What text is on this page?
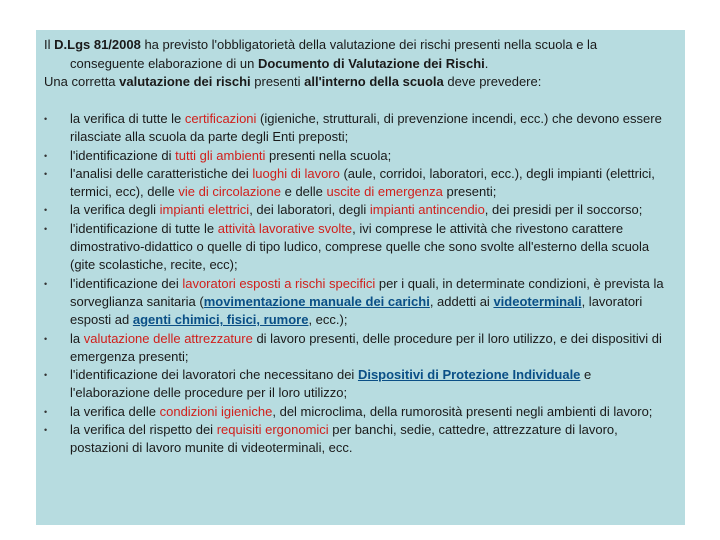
Il D.Lgs 81/2008 ha previsto l'obbligatorietà della valutazione dei rischi presenti nella scuola e la

conseguente elaborazione di un Documento di Valutazione dei Rischi.

Una corretta valutazione dei rischi presenti all'interno della scuola deve prevedere:

•	la verifica di tutte le certificazioni (igieniche, strutturali, di prevenzione incendi, ecc.) che devono essere rilasciate alla scuola da parte degli Enti preposti;
•	l'identificazione di tutti gli ambienti presenti nella scuola;
•	l'analisi delle caratteristiche dei luoghi di lavoro (aule, corridoi, laboratori, ecc.), degli impianti (elettrici, termici, ecc), delle vie di circolazione e delle uscite di emergenza presenti;
•	la verifica degli impianti elettrici, dei laboratori, degli impianti antincendio, dei presidi per il soccorso;
•	l'identificazione di tutte le attività lavorative svolte, ivi comprese le attività che rivestono carattere dimostrativo-didattico o quelle di tipo ludico, comprese quelle che sono svolte all'esterno della scuola (gite scolastiche, recite, ecc);
•	l'identificazione dei lavoratori esposti a rischi specifici per i quali, in determinate condizioni, è prevista la sorveglianza sanitaria (movimentazione manuale dei carichi, addetti ai videoterminali, lavoratori esposti ad agenti chimici, fisici, rumore, ecc.);
•	la valutazione delle attrezzature di lavoro presenti, delle procedure per il loro utilizzo, e dei dispositivi di emergenza presenti;
•	l'identificazione dei lavoratori che necessitano dei Dispositivi di Protezione Individuale e l'elaborazione delle procedure per il loro utilizzo;
•	la verifica delle condizioni igieniche, del microclima, della rumorosità presenti negli ambienti di lavoro;
•	la verifica del rispetto dei requisiti ergonomici per banchi, sedie, cattedre, attrezzature di lavoro, postazioni di lavoro munite di videoterminali, ecc.
